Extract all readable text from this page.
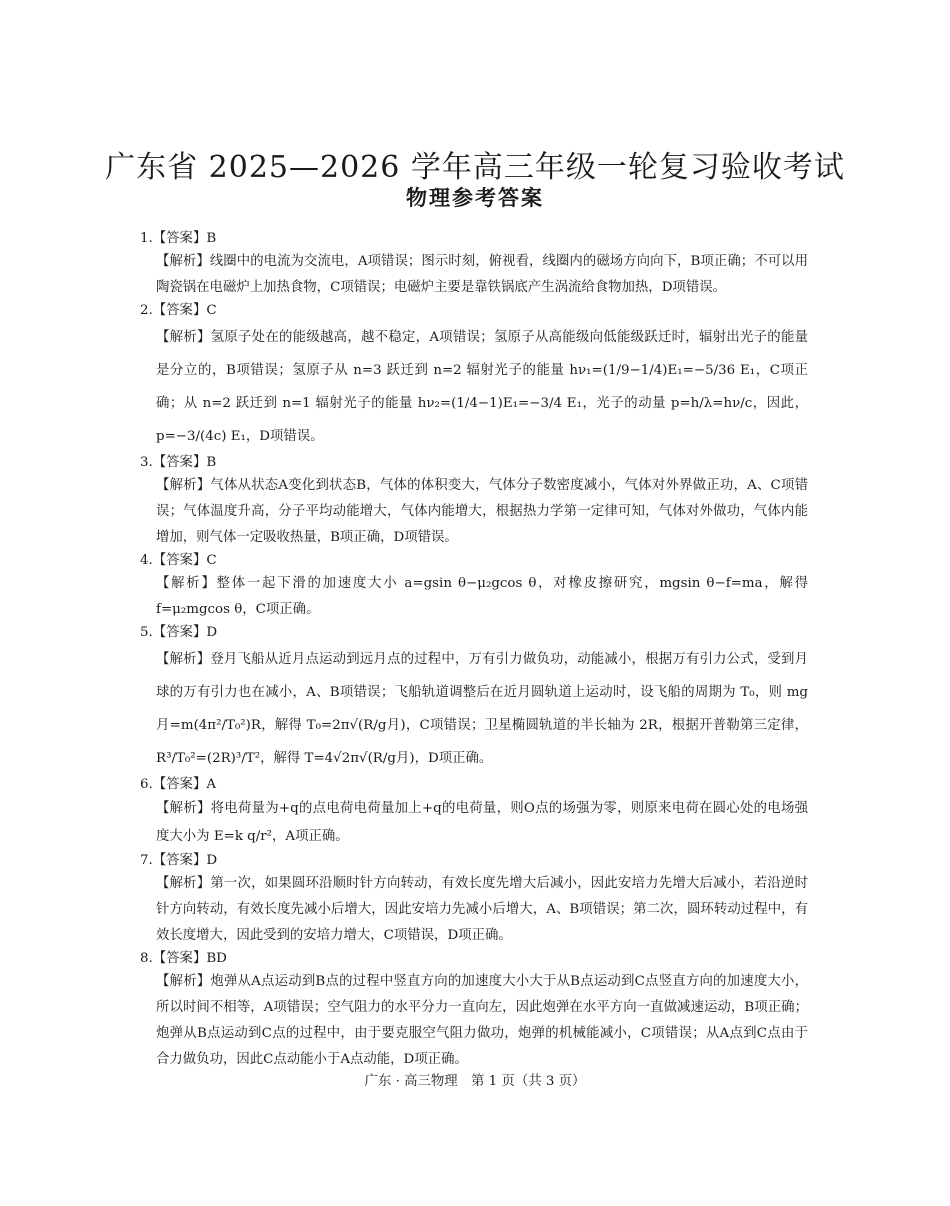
广东省 2025—2026 学年高三年级一轮复习验收考试
物理参考答案
1.【答案】B
【解析】线圈中的电流为交流电，A项错误；图示时刻，俯视看，线圈内的磁场方向向下，B项正确；不可以用陶瓷锅在电磁炉上加热食物，C项错误；电磁炉主要是靠铁锅底产生涡流给食物加热，D项错误。
2.【答案】C
【解析】氢原子处在的能级越高，越不稳定，A项错误；氢原子从高能级向低能级跃迁时，辐射出光子的能量是分立的，B项错误；氢原子从 n=3 跃迁到 n=2 辐射光子的能量 hν₁=(1/9−1/4)E₁=−5/36 E₁，C项正确；从 n=2 跃迁到 n=1 辐射光子的能量 hν₂=(1/4−1)E₁=−3/4 E₁，光子的动量 p=h/λ=hν/c，因此，p=−3/(4c) E₁，D项错误。
3.【答案】B
【解析】气体从状态A变化到状态B，气体的体积变大，气体分子数密度减小，气体对外界做正功，A、C项错误；气体温度升高，分子平均动能增大，气体内能增大，根据热力学第一定律可知，气体对外做功，气体内能增加，则气体一定吸收热量，B项正确，D项错误。
4.【答案】C
【解析】整体一起下滑的加速度大小 a=gsin θ−μ₂gcos θ，对橡皮擦研究，mgsin θ−f=ma，解得 f=μ₂mgcos θ，C项正确。
5.【答案】D
【解析】登月飞船从近月点运动到远月点的过程中，万有引力做负功，动能减小，根据万有引力公式，受到月球的万有引力也在减小，A、B项错误；飞船轨道调整后在近月圆轨道上运动时，设飞船的周期为 T₀，则 mg月=m(4π²/T₀²)R，解得 T₀=2π√(R/g月)，C项错误；卫星椭圆轨道的半长轴为 2R，根据开普勒第三定律，R³/T₀²=(2R)³/T²，解得 T=4√2π√(R/g月)，D项正确。
6.【答案】A
【解析】将电荷量为+q的点电荷电荷量加上+q的电荷量，则O点的场强为零，则原来电荷在圆心处的电场强度大小为 E=k q/r²，A项正确。
7.【答案】D
【解析】第一次，如果圆环沿顺时针方向转动，有效长度先增大后减小，因此安培力先增大后减小，若沿逆时针方向转动，有效长度先减小后增大，因此安培力先减小后增大，A、B项错误；第二次，圆环转动过程中，有效长度增大，因此受到的安培力增大，C项错误，D项正确。
8.【答案】BD
【解析】炮弹从A点运动到B点的过程中竖直方向的加速度大小大于从B点运动到C点竖直方向的加速度大小，所以时间不相等，A项错误；空气阻力的水平分力一直向左，因此炮弹在水平方向一直做减速运动，B项正确；炮弹从B点运动到C点的过程中，由于要克服空气阻力做功，炮弹的机械能减小，C项错误；从A点到C点由于合力做负功，因此C点动能小于A点动能，D项正确。
广东 · 高三物理　第 1 页（共 3 页）
